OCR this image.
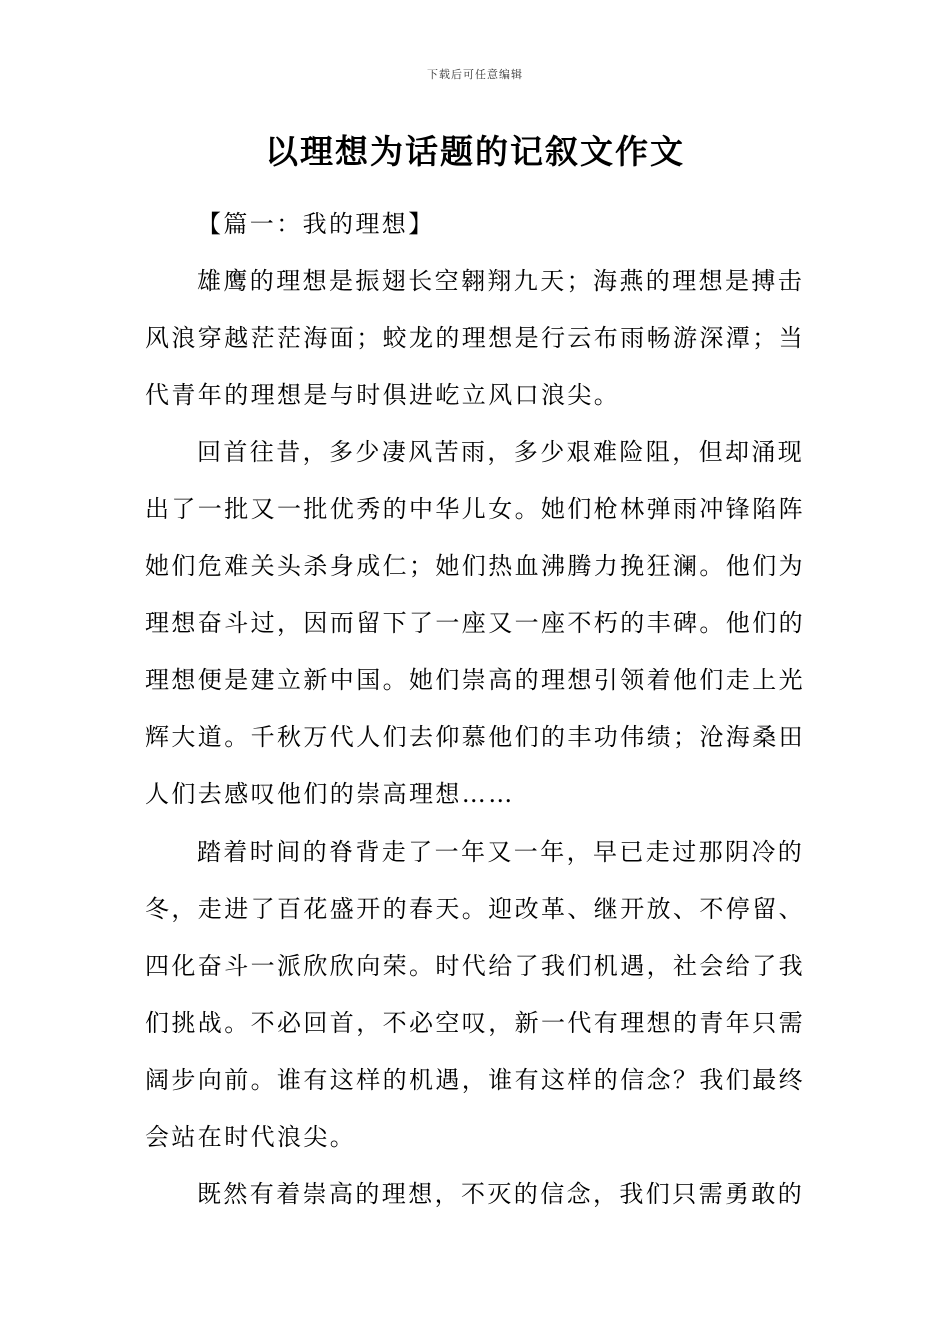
下载后可任意编辑
以理想为话题的记叙文作文
【篇一：我的理想】
雄鹰的理想是振翅长空翱翔九天；海燕的理想是搏击
风浪穿越茫茫海面；蛟龙的理想是行云布雨畅游深潭；当
代青年的理想是与时俱进屹立风口浪尖。
回首往昔，多少凄风苦雨，多少艰难险阻，但却涌现
出了一批又一批优秀的中华儿女。她们枪林弹雨冲锋陷阵
她们危难关头杀身成仁；她们热血沸腾力挽狂澜。他们为
理想奋斗过，因而留下了一座又一座不朽的丰碑。他们的
理想便是建立新中国。她们崇高的理想引领着他们走上光
辉大道。千秋万代人们去仰慕他们的丰功伟绩；沧海桑田
人们去感叹他们的崇高理想……
踏着时间的脊背走了一年又一年，早已走过那阴冷的
冬，走进了百花盛开的春天。迎改革、继开放、不停留、
四化奋斗一派欣欣向荣。时代给了我们机遇，社会给了我
们挑战。不必回首，不必空叹，新一代有理想的青年只需
阔步向前。谁有这样的机遇，谁有这样的信念？我们最终
会站在时代浪尖。
既然有着崇高的理想，不灭的信念，我们只需勇敢的
